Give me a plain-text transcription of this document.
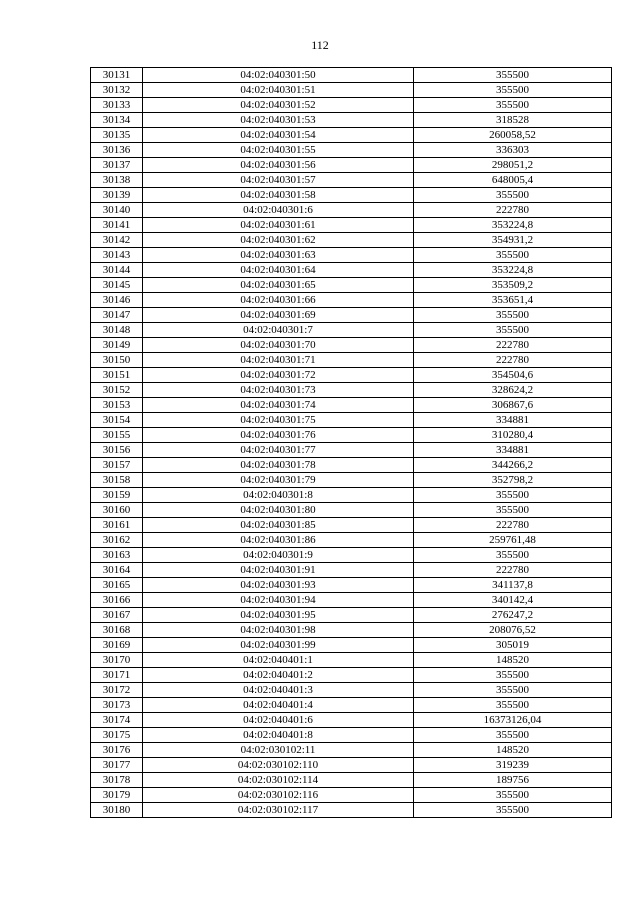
112
30131	04:02:040301:50	355500
30132	04:02:040301:51	355500
30133	04:02:040301:52	355500
30134	04:02:040301:53	318528
30135	04:02:040301:54	260058,52
30136	04:02:040301:55	336303
30137	04:02:040301:56	298051,2
30138	04:02:040301:57	648005,4
30139	04:02:040301:58	355500
30140	04:02:040301:6	222780
30141	04:02:040301:61	353224,8
30142	04:02:040301:62	354931,2
30143	04:02:040301:63	355500
30144	04:02:040301:64	353224,8
30145	04:02:040301:65	353509,2
30146	04:02:040301:66	353651,4
30147	04:02:040301:69	355500
30148	04:02:040301:7	355500
30149	04:02:040301:70	222780
30150	04:02:040301:71	222780
30151	04:02:040301:72	354504,6
30152	04:02:040301:73	328624,2
30153	04:02:040301:74	306867,6
30154	04:02:040301:75	334881
30155	04:02:040301:76	310280,4
30156	04:02:040301:77	334881
30157	04:02:040301:78	344266,2
30158	04:02:040301:79	352798,2
30159	04:02:040301:8	355500
30160	04:02:040301:80	355500
30161	04:02:040301:85	222780
30162	04:02:040301:86	259761,48
30163	04:02:040301:9	355500
30164	04:02:040301:91	222780
30165	04:02:040301:93	341137,8
30166	04:02:040301:94	340142,4
30167	04:02:040301:95	276247,2
30168	04:02:040301:98	208076,52
30169	04:02:040301:99	305019
30170	04:02:040401:1	148520
30171	04:02:040401:2	355500
30172	04:02:040401:3	355500
30173	04:02:040401:4	355500
30174	04:02:040401:6	16373126,04
30175	04:02:040401:8	355500
30176	04:02:030102:11	148520
30177	04:02:030102:110	319239
30178	04:02:030102:114	189756
30179	04:02:030102:116	355500
30180	04:02:030102:117	355500
